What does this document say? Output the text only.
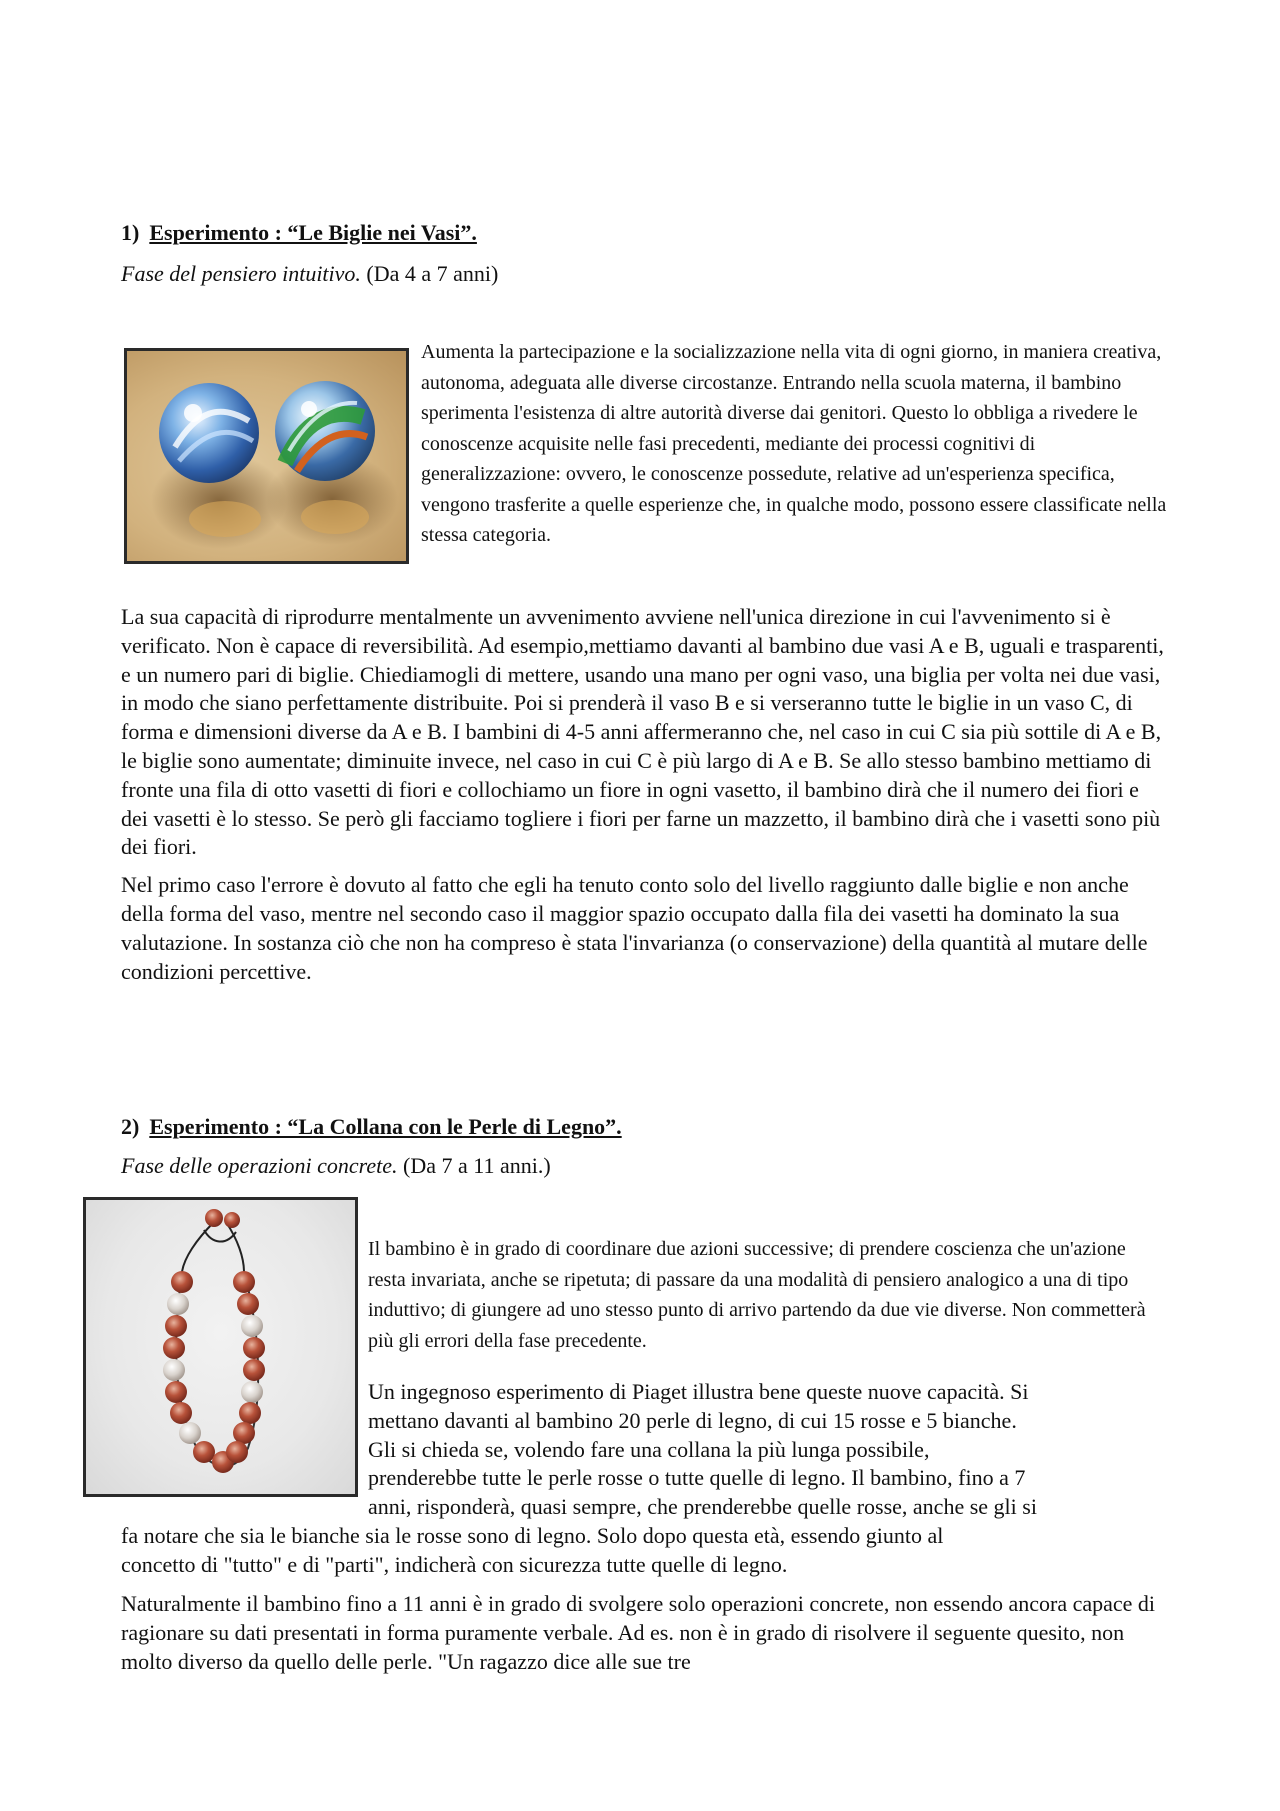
1) Esperimento : “Le Biglie nei Vasi”.

Fase del pensiero intuitivo. (Da 4 a 7 anni)

Aumenta la partecipazione e la socializzazione nella vita di ogni giorno, in maniera creativa, autonoma, adeguata alle diverse circostanze. Entrando nella scuola materna, il bambino sperimenta l'esistenza di altre autorità diverse dai genitori. Questo lo obbliga a rivedere le conoscenze acquisite nelle fasi precedenti, mediante dei processi cognitivi di generalizzazione: ovvero, le conoscenze possedute, relative ad un'esperienza specifica, vengono trasferite a quelle esperienze che, in qualche modo, possono essere classificate nella stessa categoria.

La sua capacità di riprodurre mentalmente un avvenimento avviene nell'unica direzione in cui l'avvenimento si è verificato. Non è capace di reversibilità. Ad esempio,mettiamo davanti al bambino due vasi A e B, uguali e trasparenti, e un numero pari di biglie. Chiediamogli di mettere, usando una mano per ogni vaso, una biglia per volta nei due vasi, in modo che siano perfettamente distribuite. Poi si prenderà il vaso B e si verseranno tutte le biglie in un vaso C, di forma e dimensioni diverse da A e B. I bambini di 4-5 anni affermeranno che, nel caso in cui C sia più sottile di A e B, le biglie sono aumentate; diminuite invece, nel caso in cui C è più largo di A e B. Se allo stesso bambino mettiamo di fronte una fila di otto vasetti di fiori e collochiamo un fiore in ogni vasetto, il bambino dirà che il numero dei fiori e dei vasetti è lo stesso. Se però gli facciamo togliere i fiori per farne un mazzetto, il bambino dirà che i vasetti sono più dei fiori.

Nel primo caso l'errore è dovuto al fatto che egli ha tenuto conto solo del livello raggiunto dalle biglie e non anche della forma del vaso, mentre nel secondo caso il maggior spazio occupato dalla fila dei vasetti ha dominato la sua valutazione. In sostanza ciò che non ha compreso è stata l'invarianza (o conservazione) della quantità al mutare delle condizioni percettive.

2) Esperimento : “La Collana con le Perle di Legno”.

Fase delle operazioni concrete. (Da 7 a 11 anni.)

Il bambino è in grado di coordinare due azioni successive; di prendere coscienza che un'azione resta invariata, anche se ripetuta; di passare da una modalità di pensiero analogico a una di tipo induttivo; di giungere ad uno stesso punto di arrivo partendo da due vie diverse. Non commetterà più gli errori della fase precedente.

Un ingegnoso esperimento di Piaget illustra bene queste nuove capacità. Si
mettano davanti al bambino 20 perle di legno, di cui 15 rosse e 5 bianche.
Gli si chieda se, volendo fare una collana la più lunga possibile,
prenderebbe tutte le perle rosse o tutte quelle di legno. Il bambino, fino a 7
anni, risponderà, quasi sempre, che prenderebbe quelle rosse, anche se gli si
fa notare che sia le bianche sia le rosse sono di legno. Solo dopo questa età, essendo giunto al
concetto di "tutto" e di "parti", indicherà con sicurezza tutte quelle di legno.

Naturalmente il bambino fino a 11 anni è in grado di svolgere solo operazioni concrete, non essendo ancora capace di ragionare su dati presentati in forma puramente verbale. Ad es. non è in grado di risolvere il seguente quesito, non molto diverso da quello delle perle. "Un ragazzo dice alle sue tre
